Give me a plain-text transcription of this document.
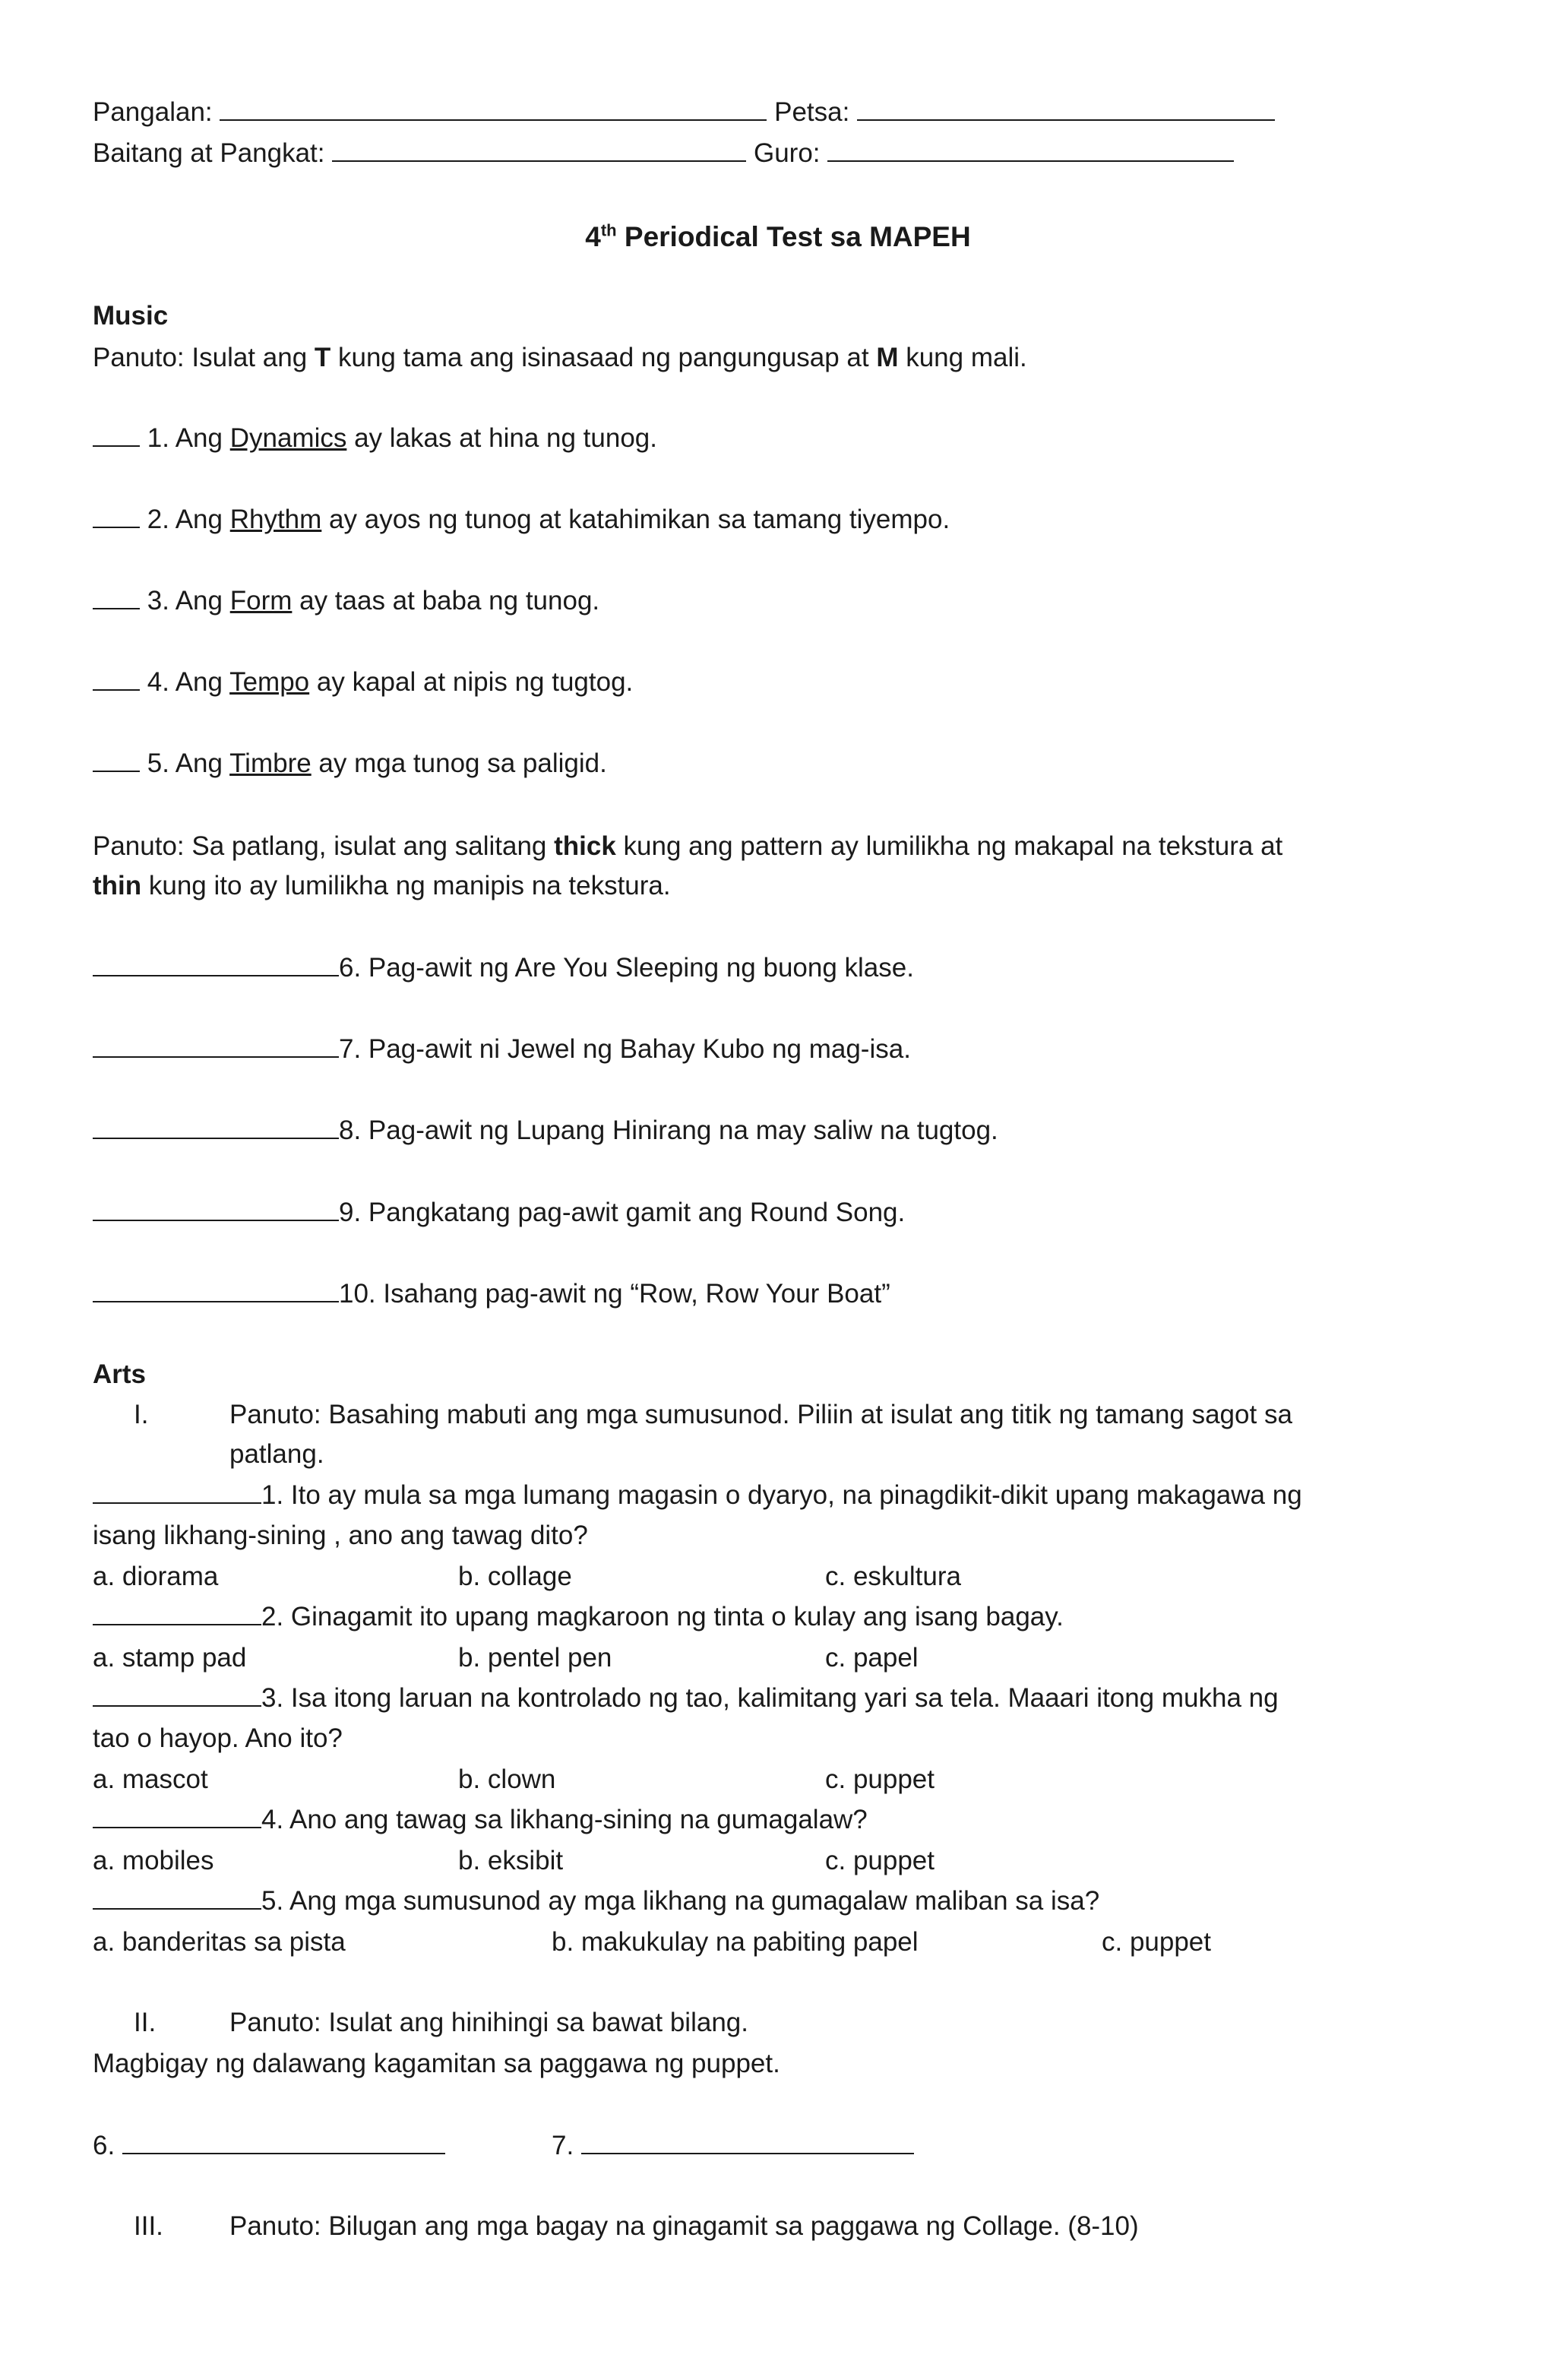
Pangalan:	Petsa:
Baitang at Pangkat:	Guro:
4th Periodical Test sa MAPEH
Music
Panuto: Isulat ang T kung tama ang isinasaad ng pangungusap at M kung mali.
1. Ang Dynamics ay lakas at hina ng tunog.
2. Ang Rhythm ay ayos ng tunog at katahimikan sa tamang tiyempo.
3. Ang Form ay taas at baba ng tunog.
4. Ang Tempo ay kapal at nipis ng tugtog.
5. Ang Timbre ay mga tunog sa paligid.
Panuto: Sa patlang, isulat ang salitang thick kung ang pattern ay lumilikha ng makapal na tekstura at
thin kung ito ay lumilikha ng manipis na tekstura.
6. Pag-awit ng Are You Sleeping ng buong klase.
7. Pag-awit ni Jewel ng Bahay Kubo ng mag-isa.
8. Pag-awit ng Lupang Hinirang na may saliw na tugtog.
9. Pangkatang pag-awit gamit ang Round Song.
10. Isahang pag-awit ng “Row, Row Your Boat”
Arts
I.	Panuto: Basahing mabuti ang mga sumusunod. Piliin at isulat ang titik ng tamang sagot sa
patlang.
1. Ito ay mula sa mga lumang magasin o dyaryo, na pinagdikit-dikit upang makagawa ng
isang likhang-sining , ano ang tawag dito?
a. diorama	b. collage	c. eskultura
2. Ginagamit ito upang magkaroon ng tinta o kulay ang isang bagay.
a. stamp pad	b. pentel pen	c. papel
3. Isa itong laruan na kontrolado ng tao, kalimitang yari sa tela. Maaari itong mukha ng
tao o hayop. Ano ito?
a. mascot	b. clown	c. puppet
4. Ano ang tawag sa likhang-sining na gumagalaw?
a. mobiles	b. eksibit	c. puppet
5. Ang mga sumusunod ay mga likhang na gumagalaw maliban sa isa?
a. banderitas sa pista	b. makukulay na pabiting papel	c. puppet
II.	Panuto: Isulat ang hinihingi sa bawat bilang.
Magbigay ng dalawang kagamitan sa paggawa ng puppet.
6.	7.
III. Panuto: Bilugan ang mga bagay na ginagamit sa paggawa ng Collage. (8-10)
